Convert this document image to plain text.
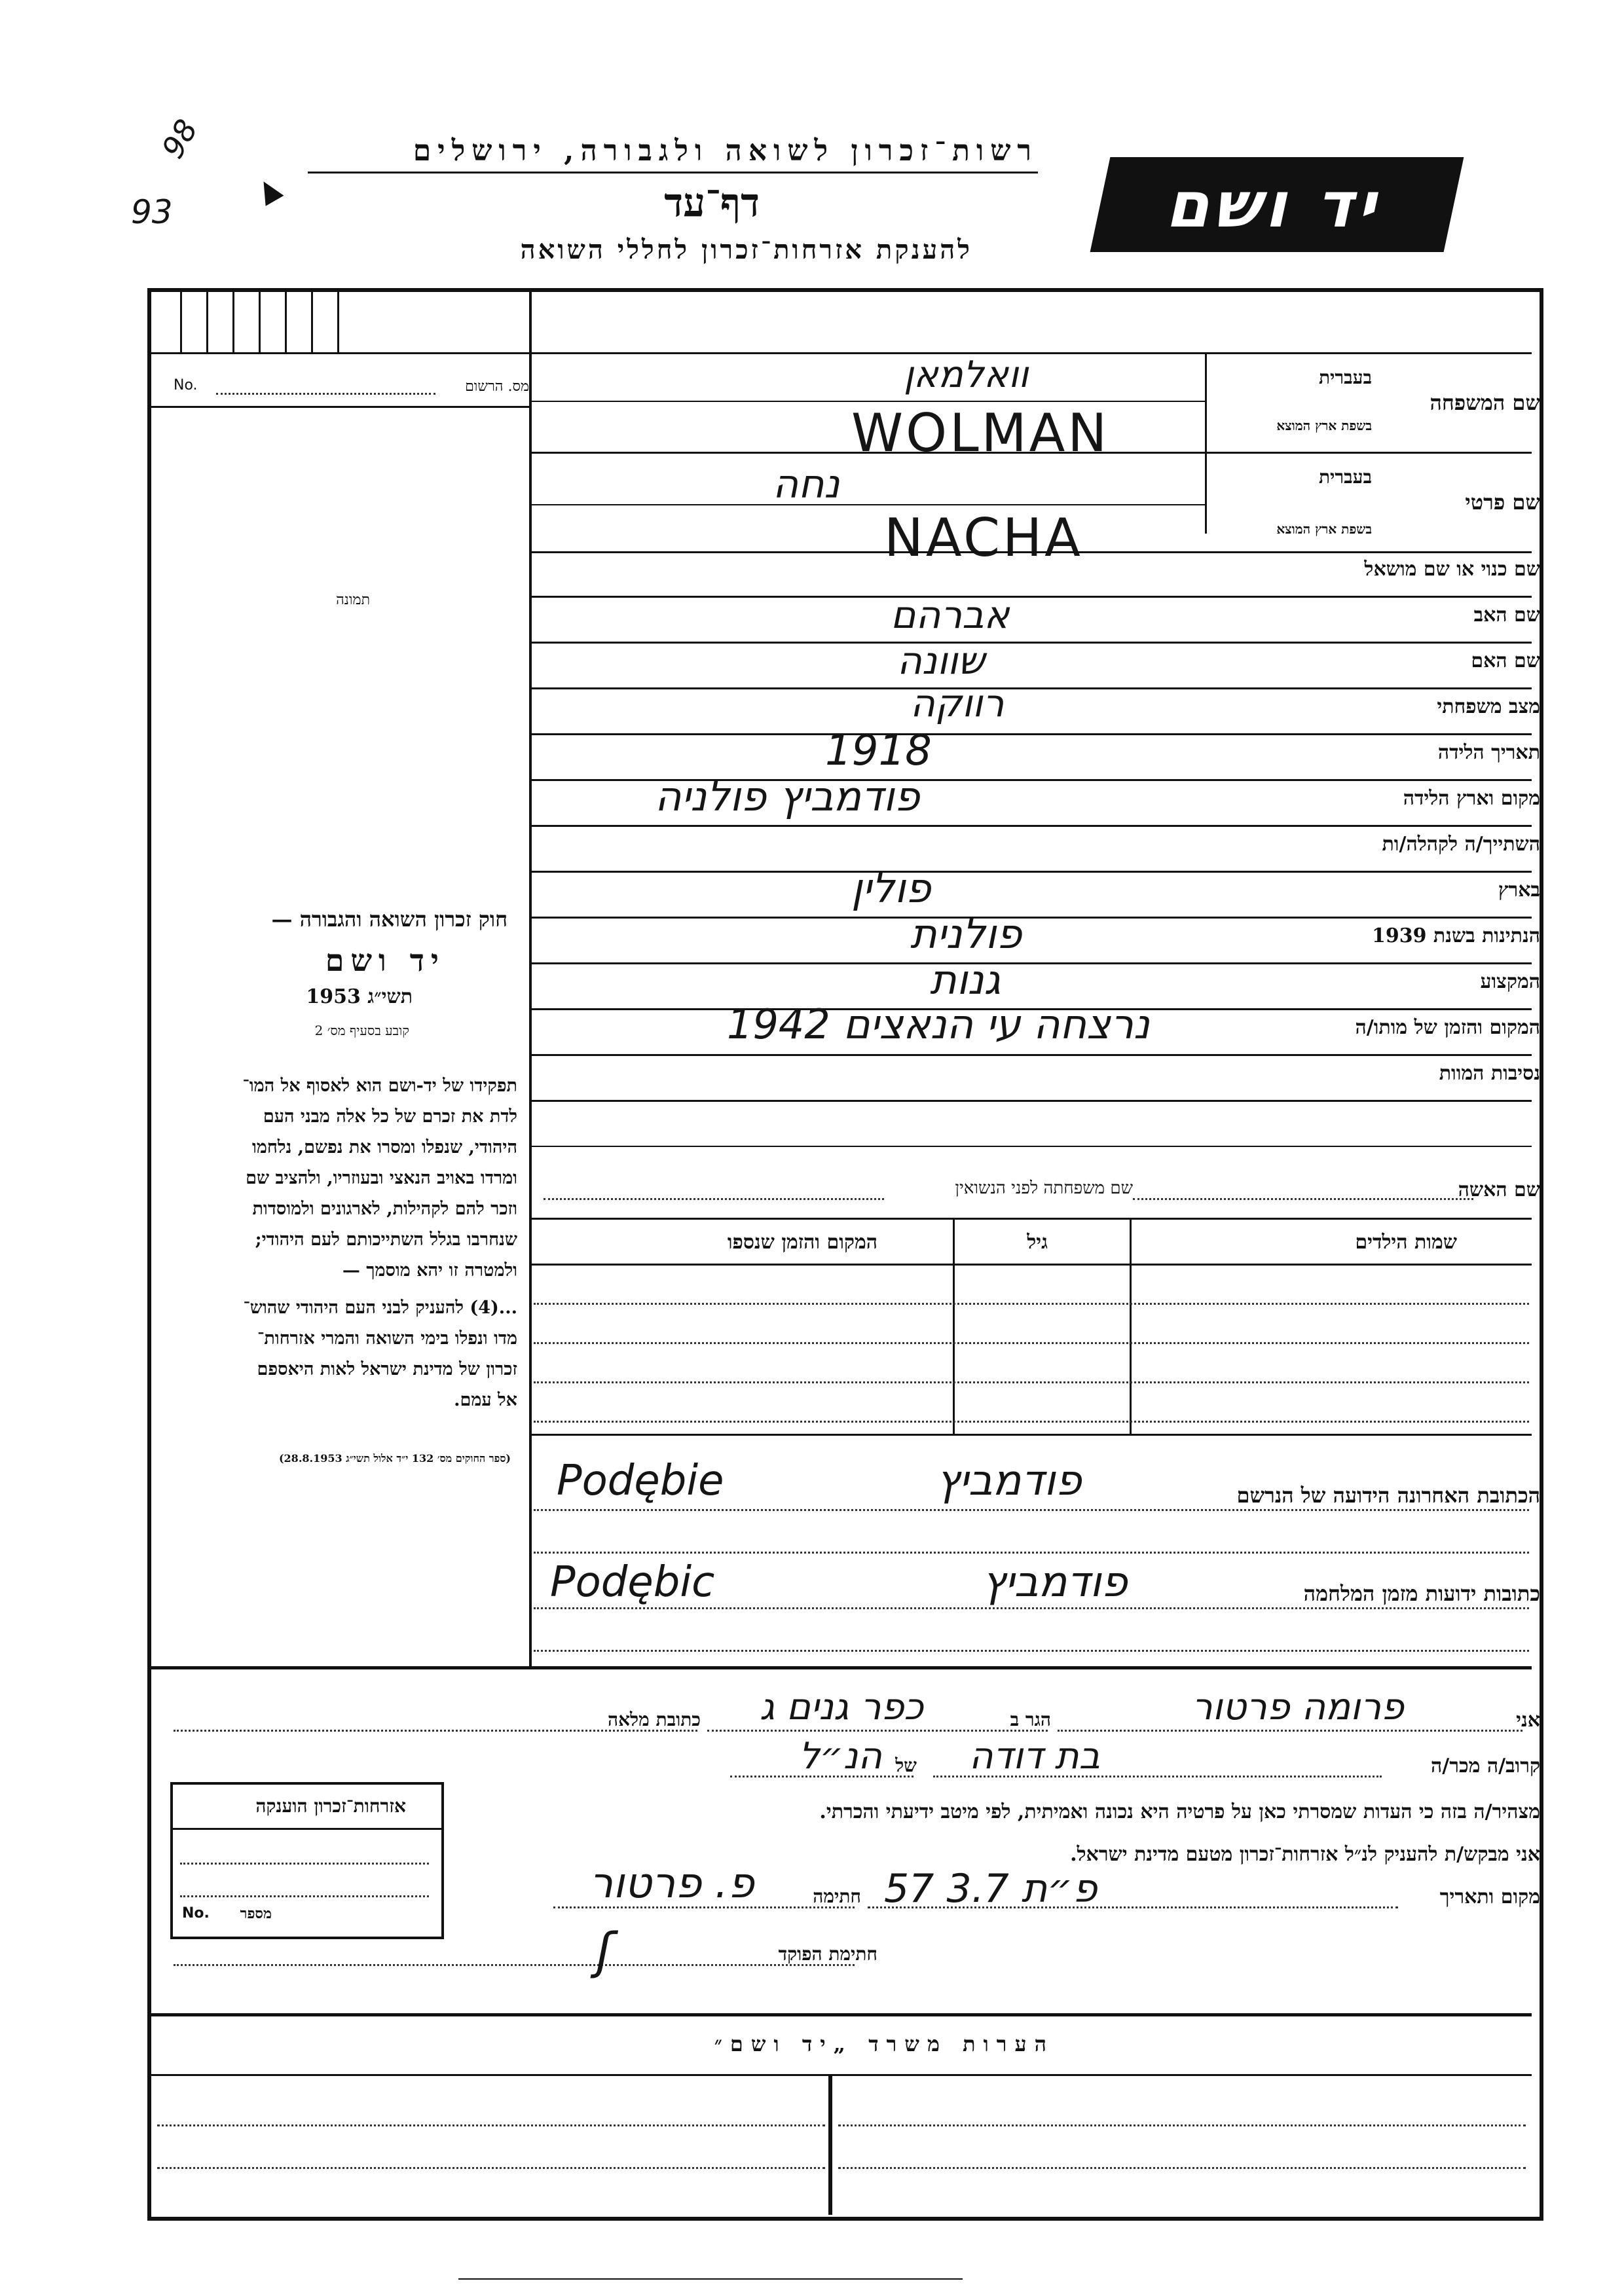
רשות־זכרון לשואה ולגבורה, ירושלים
דף־עד
להענקת אזרחות־זכרון לחללי השואה
יד ושם
98
93
מס. הרשום
No.
תמונה
שם המשפחה
בעברית
בשפת ארץ המוצא
וואלמאן
WOLMAN
שם פרטי
בעברית
בשפת ארץ המוצא
נחה
NACHA
שם כנוי או שם מושאל
שם האב
אברהם
שם האם
שוונה
מצב משפחתי
רווקה
תאריך הלידה
1918
מקום וארץ הלידה
פודמביץ פולניה
השתייך/ה לקהלה/ות
בארץ
פולין
הנתינות בשנת 1939
פולנית
המקצוע
גנות
המקום והזמן של מותו/ה
נרצחה עי הנאצים 1942
נסיבות המוות
חוק זכרון השואה והגבורה —
יד ושם
תשי״ג 1953
קובע בסעיף מס׳ 2
תפקידו של יד-ושם הוא לאסוף אל המו־
לדת את זכרם של כל אלה מבני העם
היהודי, שנפלו ומסרו את נפשם, נלחמו
ומרדו באויב הנאצי ובעוזריו, ולהציב שם
וזכר להם לקהילות, לארגונים ולמוסדות
שנחרבו בגלל השתייכותם לעם היהודי;
ולמטרה זו יהא מוסמך —
...(4) להעניק לבני העם היהודי שהוש־
מדו ונפלו בימי השואה והמרי אזרחות־
זכרון של מדינת ישראל לאות היאספם
אל עמם.
(ספר החוקים מס׳ 132 י״ד אלול תשי״ג 28.8.1953)
שם האשה
שם משפחתה לפני הנשואין
שמות הילדים
גיל
המקום והזמן שנספו
הכתובת האחרונה הידועה של הנרשם
Podębie	פודמביץ
כתובות ידועות מזמן המלחמה
Podębic	פודמביץ
אני
פרומה פרטור
הגר ב
כפר גנים ג
כתובת מלאה
קרוב/ה מכר/ה
בת דודה
של
הנ״ל
מצהיר/ה בזה כי העדות שמסרתי כאן על פרטיה היא נכונה ואמיתית, לפי מיטב ידיעתי והכרתי.
אני מבקש/ת להעניק לנ״ל אזרחות־זכרון מטעם מדינת ישראל.
מקום ותאריך
פ״ת 3.7 57
חתימה
פ. פרטור
חתימת הפוקד
ʃ
אזרחות־זכרון הוענקה
No. מספר
הערות משרד „יד ושם״
